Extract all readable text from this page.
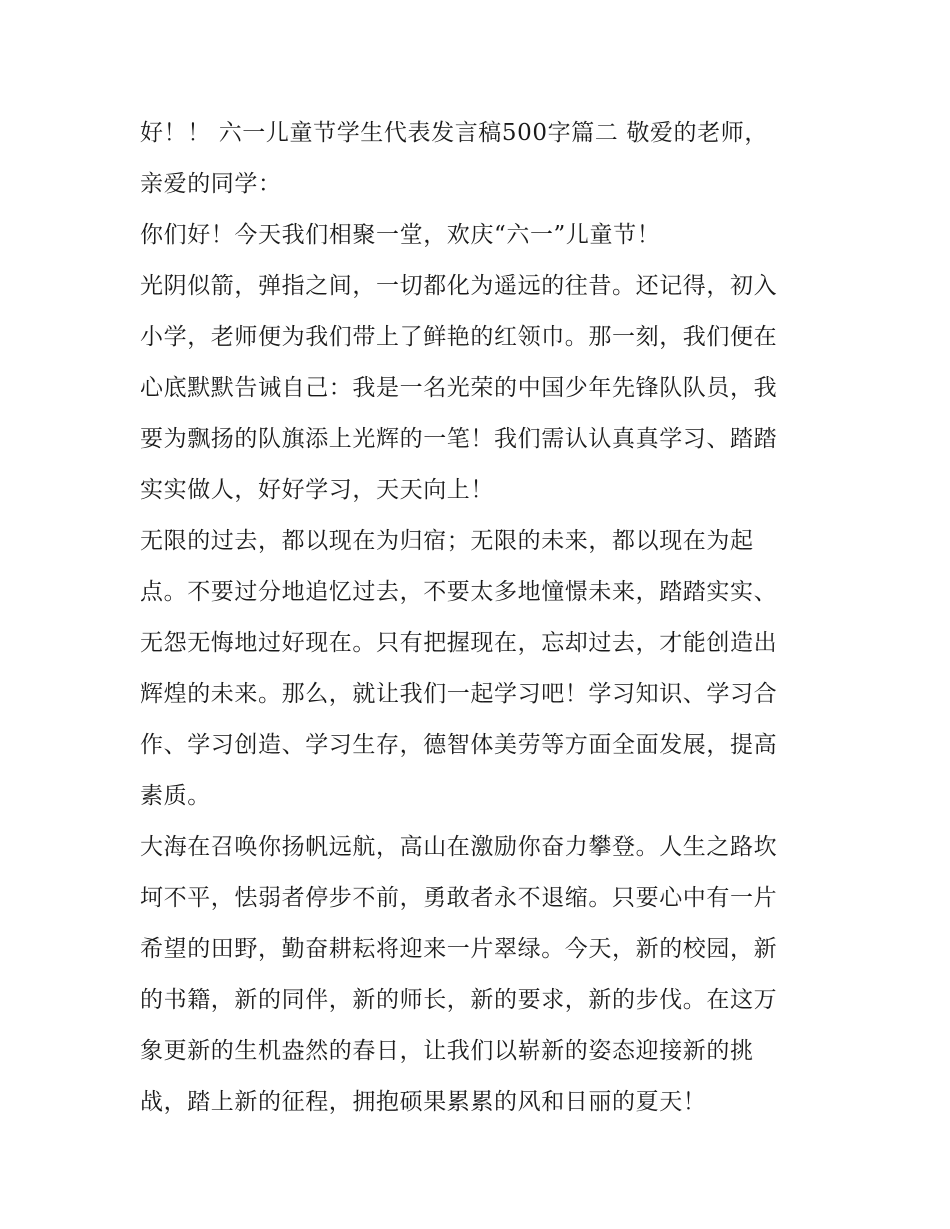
好！！ 六一儿童节学生代表发言稿500字篇二 敬爱的老师，
亲爱的同学：
你们好！今天我们相聚一堂，欢庆“六一”儿童节！
光阴似箭，弹指之间，一切都化为遥远的往昔。还记得，初入
小学，老师便为我们带上了鲜艳的红领巾。那一刻，我们便在
心底默默告诫自己：我是一名光荣的中国少年先锋队队员，我
要为飘扬的队旗添上光辉的一笔！我们需认认真真学习、踏踏
实实做人，好好学习，天天向上！
无限的过去，都以现在为归宿；无限的未来，都以现在为起
点。不要过分地追忆过去，不要太多地憧憬未来，踏踏实实、
无怨无悔地过好现在。只有把握现在，忘却过去，才能创造出
辉煌的未来。那么，就让我们一起学习吧！学习知识、学习合
作、学习创造、学习生存，德智体美劳等方面全面发展，提高
素质。
大海在召唤你扬帆远航，高山在激励你奋力攀登。人生之路坎
坷不平，怯弱者停步不前，勇敢者永不退缩。只要心中有一片
希望的田野，勤奋耕耘将迎来一片翠绿。今天，新的校园，新
的书籍，新的同伴，新的师长，新的要求，新的步伐。在这万
象更新的生机盎然的春日，让我们以崭新的姿态迎接新的挑
战，踏上新的征程，拥抱硕果累累的风和日丽的夏天！
